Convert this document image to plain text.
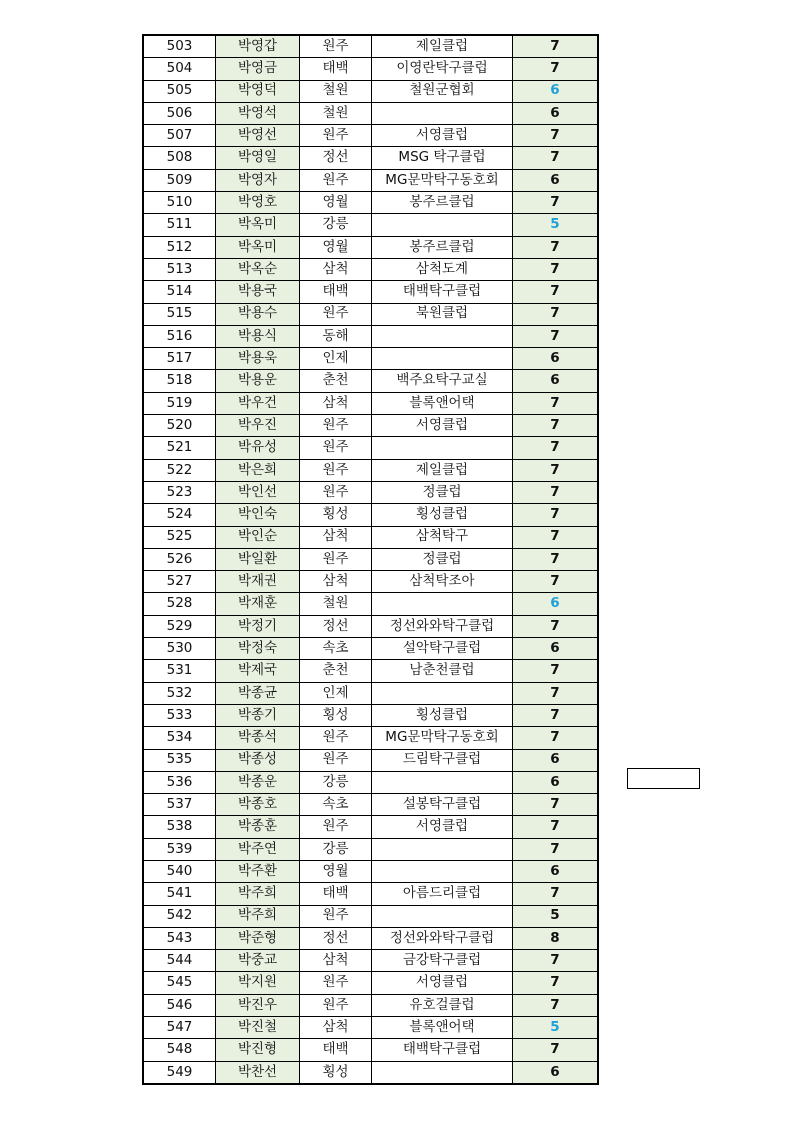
503	박영갑	원주	제일클럽	7
504	박영금	태백	이영란탁구클럽	7
505	박영덕	철원	철원군협회	6
506	박영석	철원		6
507	박영선	원주	서영클럽	7
508	박영일	정선	MSG 탁구클럽	7
509	박영자	원주	MG문막탁구동호회	6
510	박영호	영월	봉주르클럽	7
511	박옥미	강릉		5
512	박옥미	영월	봉주르클럽	7
513	박옥순	삼척	삼척도계	7
514	박용국	태백	태백탁구클럽	7
515	박용수	원주	북원클럽	7
516	박용식	동해		7
517	박용욱	인제		6
518	박용운	춘천	백주요탁구교실	6
519	박우건	삼척	블록앤어택	7
520	박우진	원주	서영클럽	7
521	박유성	원주		7
522	박은희	원주	제일클럽	7
523	박인선	원주	정클럽	7
524	박인숙	횡성	횡성클럽	7
525	박인순	삼척	삼척탁구	7
526	박일환	원주	정클럽	7
527	박재권	삼척	삼척탁조아	7
528	박재훈	철원		6
529	박정기	정선	정선와와탁구클럽	7
530	박정숙	속초	설악탁구클럽	6
531	박제국	춘천	남춘천클럽	7
532	박종균	인제		7
533	박종기	횡성	횡성클럽	7
534	박종석	원주	MG문막탁구동호회	7
535	박종성	원주	드림탁구클럽	6
536	박종운	강릉		6
537	박종호	속초	설봉탁구클럽	7
538	박종훈	원주	서영클럽	7
539	박주연	강릉		7
540	박주환	영월		6
541	박주희	태백	아름드리클럽	7
542	박주희	원주		5
543	박준형	정선	정선와와탁구클럽	8
544	박중교	삼척	금강탁구클럽	7
545	박지원	원주	서영클럽	7
546	박진우	원주	유호걸클럽	7
547	박진철	삼척	블록앤어택	5
548	박진형	태백	태백탁구클럽	7
549	박찬선	횡성		6
